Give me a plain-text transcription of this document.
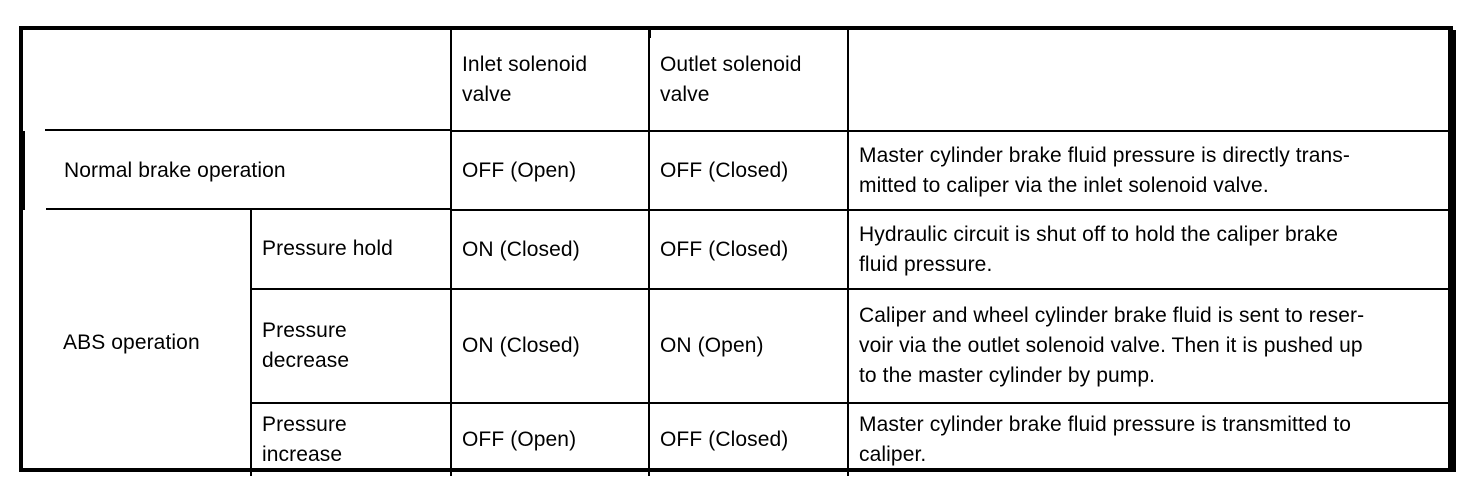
		Inlet solenoid
valve	Outlet solenoid
valve	
Normal brake operation		OFF (Open)	OFF (Closed)	Master cylinder brake fluid pressure is directly trans-
mitted to caliper via the inlet solenoid valve.
ABS operation	Pressure hold	ON (Closed)	OFF (Closed)	Hydraulic circuit is shut off to hold the caliper brake
fluid pressure.
	Pressure
decrease	ON (Closed)	ON (Open)	Caliper and wheel cylinder brake fluid is sent to reser-
voir via the outlet solenoid valve. Then it is pushed up
to the master cylinder by pump.
	Pressure
increase	OFF (Open)	OFF (Closed)	Master cylinder brake fluid pressure is transmitted to
caliper.
